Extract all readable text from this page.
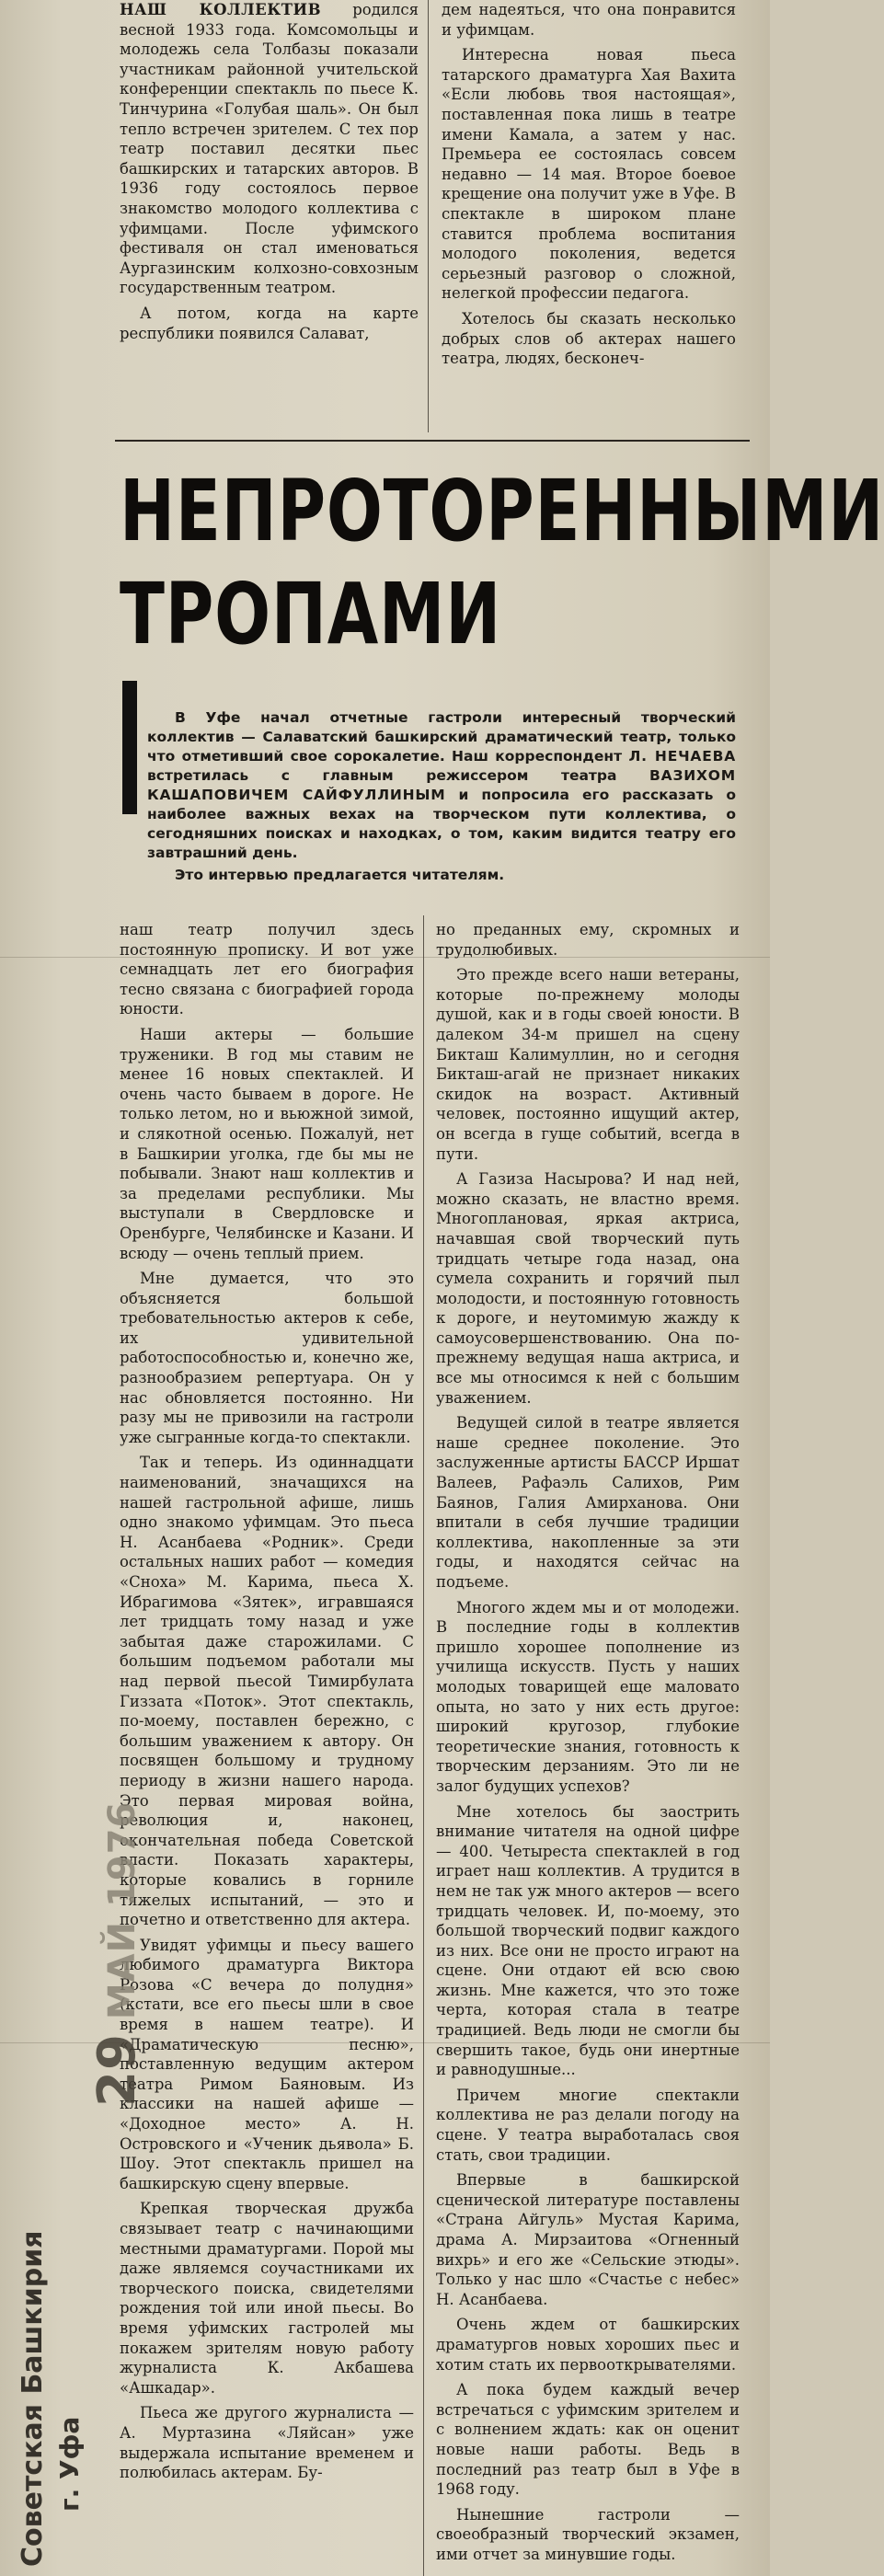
НАШ КОЛЛЕКТИВ родился весной 1933 года. Комсомольцы и молодежь села Толбазы показали участникам районной учительской конференции спектакль по пьесе К. Тинчурина «Голубая шаль». Он был тепло встречен зрителем. С тех пор театр поставил десятки пьес башкирских и татарских авторов. В 1936 году состоялось первое знакомство молодого коллектива с уфимцами. После уфимского фестиваля он стал именоваться Аургазинским колхозно-совхозным государственным театром.

А потом, когда на карте республики появился Салават,

дем надеяться, что она понравится и уфимцам.

Интересна новая пьеса татарского драматурга Хая Вахита «Если любовь твоя настоящая», поставленная пока лишь в театре имени Камала, а затем у нас. Премьера ее состоялась совсем недавно — 14 мая. Второе боевое крещение она получит уже в Уфе. В спектакле в широком плане ставится проблема воспитания молодого поколения, ведется серьезный разговор о сложной, нелегкой профессии педагога.

Хотелось бы сказать несколько добрых слов об актерах нашего театра, людях, бесконеч-

НЕПРОТОРЕННЫМИ
ТРОПАМИ

В Уфе начал отчетные гастроли интересный творческий коллектив — Салаватский башкирский драматический театр, только что отметивший свое сорокалетие. Наш корреспондент Л. НЕЧАЕВА встретилась с главным режиссером театра ВАЗИХОМ КАШАПОВИЧЕМ САЙФУЛЛИНЫМ и попросила его рассказать о наиболее важных вехах на творческом пути коллектива, о сегодняшних поисках и находках, о том, каким видится театру его завтрашний день.

Это интервью предлагается читателям.

наш театр получил здесь постоянную прописку. И вот уже семнадцать лет его биография тесно связана с биографией города юности.

Наши актеры — большие труженики. В год мы ставим не менее 16 новых спектаклей. И очень часто бываем в дороге. Не только летом, но и вьюжной зимой, и слякотной осенью. Пожалуй, нет в Башкирии уголка, где бы мы не побывали. Знают наш коллектив и за пределами республики. Мы выступали в Свердловске и Оренбурге, Челябинске и Казани. И всюду — очень теплый прием.

Мне думается, что это объясняется большой требовательностью актеров к себе, их удивительной работоспособностью и, конечно же, разнообразием репертуара. Он у нас обновляется постоянно. Ни разу мы не привозили на гастроли уже сыгранные когда-то спектакли.

Так и теперь. Из одиннадцати наименований, значащихся на нашей гастрольной афише, лишь одно знакомо уфимцам. Это пьеса Н. Асанбаева «Родник». Среди остальных наших работ — комедия «Сноха» М. Карима, пьеса Х. Ибрагимова «Зятек», игравшаяся лет тридцать тому назад и уже забытая даже старожилами. С большим подъемом работали мы над первой пьесой Тимирбулата Гиззата «Поток». Этот спектакль, по-моему, поставлен бережно, с большим уважением к автору. Он посвящен большому и трудному периоду в жизни нашего народа. Это первая мировая война, революция и, наконец, окончательная победа Советской власти. Показать характеры, которые ковались в горниле тяжелых испытаний, — это и почетно и ответственно для актера.

Увидят уфимцы и пьесу вашего любимого драматурга Виктора Розова «С вечера до полудня» (кстати, все его пьесы шли в свое время в нашем театре). И «Драматическую песню», поставленную ведущим актером театра Римом Баяновым. Из классики на нашей афише — «Доходное место» А. Н. Островского и «Ученик дьявола» Б. Шоу. Этот спектакль пришел на башкирскую сцену впервые.

Крепкая творческая дружба связывает театр с начинающими местными драматургами. Порой мы даже являемся соучастниками их творческого поиска, свидетелями рождения той или иной пьесы. Во время уфимских гастролей мы покажем зрителям новую работу журналиста К. Акбашева «Ашкадар».

Пьеса же другого журналиста — А. Муртазина «Ляйсан» уже выдержала испытание временем и полюбилась актерам. Бу-

но преданных ему, скромных и трудолюбивых.

Это прежде всего наши ветераны, которые по-прежнему молоды душой, как и в годы своей юности. В далеком 34-м пришел на сцену Бикташ Калимуллин, но и сегодня Бикташ-агай не признает никаких скидок на возраст. Активный человек, постоянно ищущий актер, он всегда в гуще событий, всегда в пути.

А Газиза Насырова? И над ней, можно сказать, не властно время. Многоплановая, яркая актриса, начавшая свой творческий путь тридцать четыре года назад, она сумела сохранить и горячий пыл молодости, и постоянную готовность к дороге, и неутомимую жажду к самоусовершенствованию. Она по-прежнему ведущая наша актриса, и все мы относимся к ней с большим уважением.

Ведущей силой в театре является наше среднее поколение. Это заслуженные артисты БАССР Иршат Валеев, Рафаэль Салихов, Рим Баянов, Галия Амирханова. Они впитали в себя лучшие традиции коллектива, накопленные за эти годы, и находятся сейчас на подъеме.

Многого ждем мы и от молодежи. В последние годы в коллектив пришло хорошее пополнение из училища искусств. Пусть у наших молодых товарищей еще маловато опыта, но зато у них есть другое: широкий кругозор, глубокие теоретические знания, готовность к творческим дерзаниям. Это ли не залог будущих успехов?

Мне хотелось бы заострить внимание читателя на одной цифре — 400. Четыреста спектаклей в год играет наш коллектив. А трудится в нем не так уж много актеров — всего тридцать человек. И, по-моему, это большой творческий подвиг каждого из них. Все они не просто играют на сцене. Они отдают ей всю свою жизнь. Мне кажется, что это тоже черта, которая стала в театре традицией. Ведь люди не смогли бы свершить такое, будь они инертные и равнодушные...

Причем многие спектакли коллектива не раз делали погоду на сцене. У театра выработалась своя стать, свои традиции.

Впервые в башкирской сценической литературе поставлены «Страна Айгуль» Мустая Карима, драма А. Мирзаитова «Огненный вихрь» и его же «Сельские этюды». Только у нас шло «Счастье с небес» Н. Асанбаева.

Очень ждем от башкирских драматургов новых хороших пьес и хотим стать их первооткрывателями.

А пока будем каждый вечер встречаться с уфимским зрителем и с волнением ждать: как он оценит новые наши работы. Ведь в последний раз театр был в Уфе в 1968 году.

Нынешние гастроли — своеобразный творческий экзамен, ими отчет за минувшие годы.

29 МАЙ 1976
Советская Башкирия г. Уфа
